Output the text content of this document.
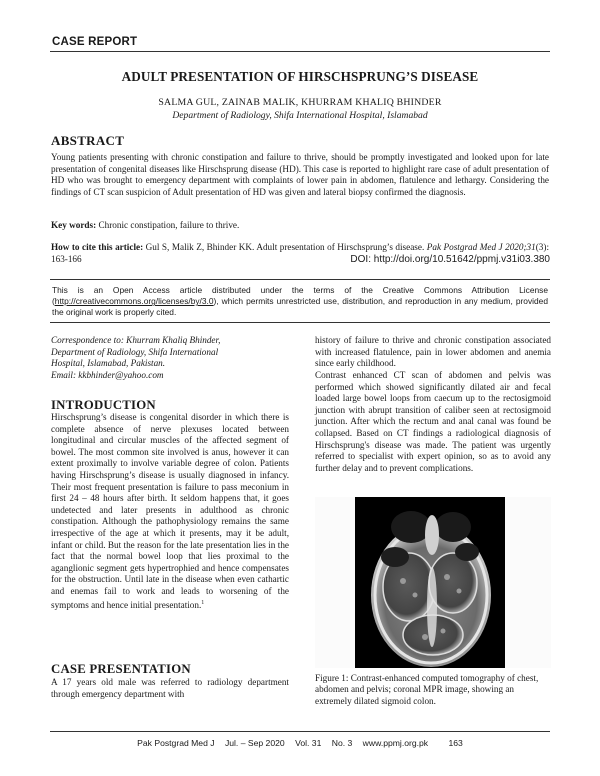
CASE REPORT
ADULT PRESENTATION OF HIRSCHSPRUNG’S DISEASE
SALMA GUL, ZAINAB MALIK, KHURRAM KHALIQ BHINDER
Department of Radiology, Shifa International Hospital, Islamabad
ABSTRACT
Young patients presenting with chronic constipation and failure to thrive, should be promptly investigated and looked upon for late presentation of congenital diseases like Hirschsprung disease (HD). This case is reported to highlight rare case of adult presentation of HD who was brought to emergency department with complaints of lower pain in abdomen, flatulence and lethargy. Considering the findings of CT scan suspicion of Adult presentation of HD was given and lateral biopsy confirmed the diagnosis.
Key words: Chronic constipation, failure to thrive.
How to cite this article: Gul S, Malik Z, Bhinder KK. Adult presentation of Hirschsprung’s disease. Pak Postgrad Med J 2020;31(3): 163-166	DOI: http://doi.org/10.51642/ppmj.v31i03.380
This is an Open Access article distributed under the terms of the Creative Commons Attribution License (http://creativecommons.org/licenses/by/3.0), which permits unrestricted use, distribution, and reproduction in any medium, provided the original work is properly cited.
Correspondence to: Khurram Khaliq Bhinder,
Department of Radiology, Shifa International
Hospital, Islamabad, Pakistan.
Email: kkbhinder@yahoo.com
INTRODUCTION
Hirschsprung’s disease is congenital disorder in which there is complete absence of nerve plexuses located between longitudinal and circular muscles of the affected segment of bowel. The most common site involved is anus, however it can extent proximally to involve variable degree of colon. Patients having Hirschsprung’s disease is usually diagnosed in infancy. Their most frequent presentation is failure to pass meconium in first 24 – 48 hours after birth. It seldom happens that, it goes undetected and later presents in adulthood as chronic constipation. Although the pathophysiology remains the same irrespective of the age at which it presents, may it be adult, infant or child. But the reason for the late presentation lies in the fact that the normal bowel loop that lies proximal to the aganglionic segment gets hypertrophied and hence compensates for the obstruction. Until late in the disease when even cathartic and enemas fail to work and leads to worsening of the symptoms and hence initial presentation.$^1$
CASE PRESENTATION
A 17 years old male was referred to radiology department through emergency department with
history of failure to thrive and chronic constipation associated with increased flatulence, pain in lower abdomen and anemia since early childhood.
Contrast enhanced CT scan of abdomen and pelvis was performed which showed significantly dilated air and fecal loaded large bowel loops from caecum up to the rectosigmoid junction with abrupt transition of caliber seen at rectosigmoid junction. After which the rectum and anal canal was found be collapsed. Based on CT findings a radiological diagnosis of Hirschsprung's disease was made. The patient was urgently referred to specialist with expert opinion, so as to avoid any further delay and to prevent complications.
Figure 1: Contrast-enhanced computed tomography of chest, abdomen and pelvis; coronal MPR image, showing an extremely dilated sigmoid colon.
Pak Postgrad Med J Jul. – Sep 2020 Vol. 31 No. 3 www.ppmj.org.pk 163
